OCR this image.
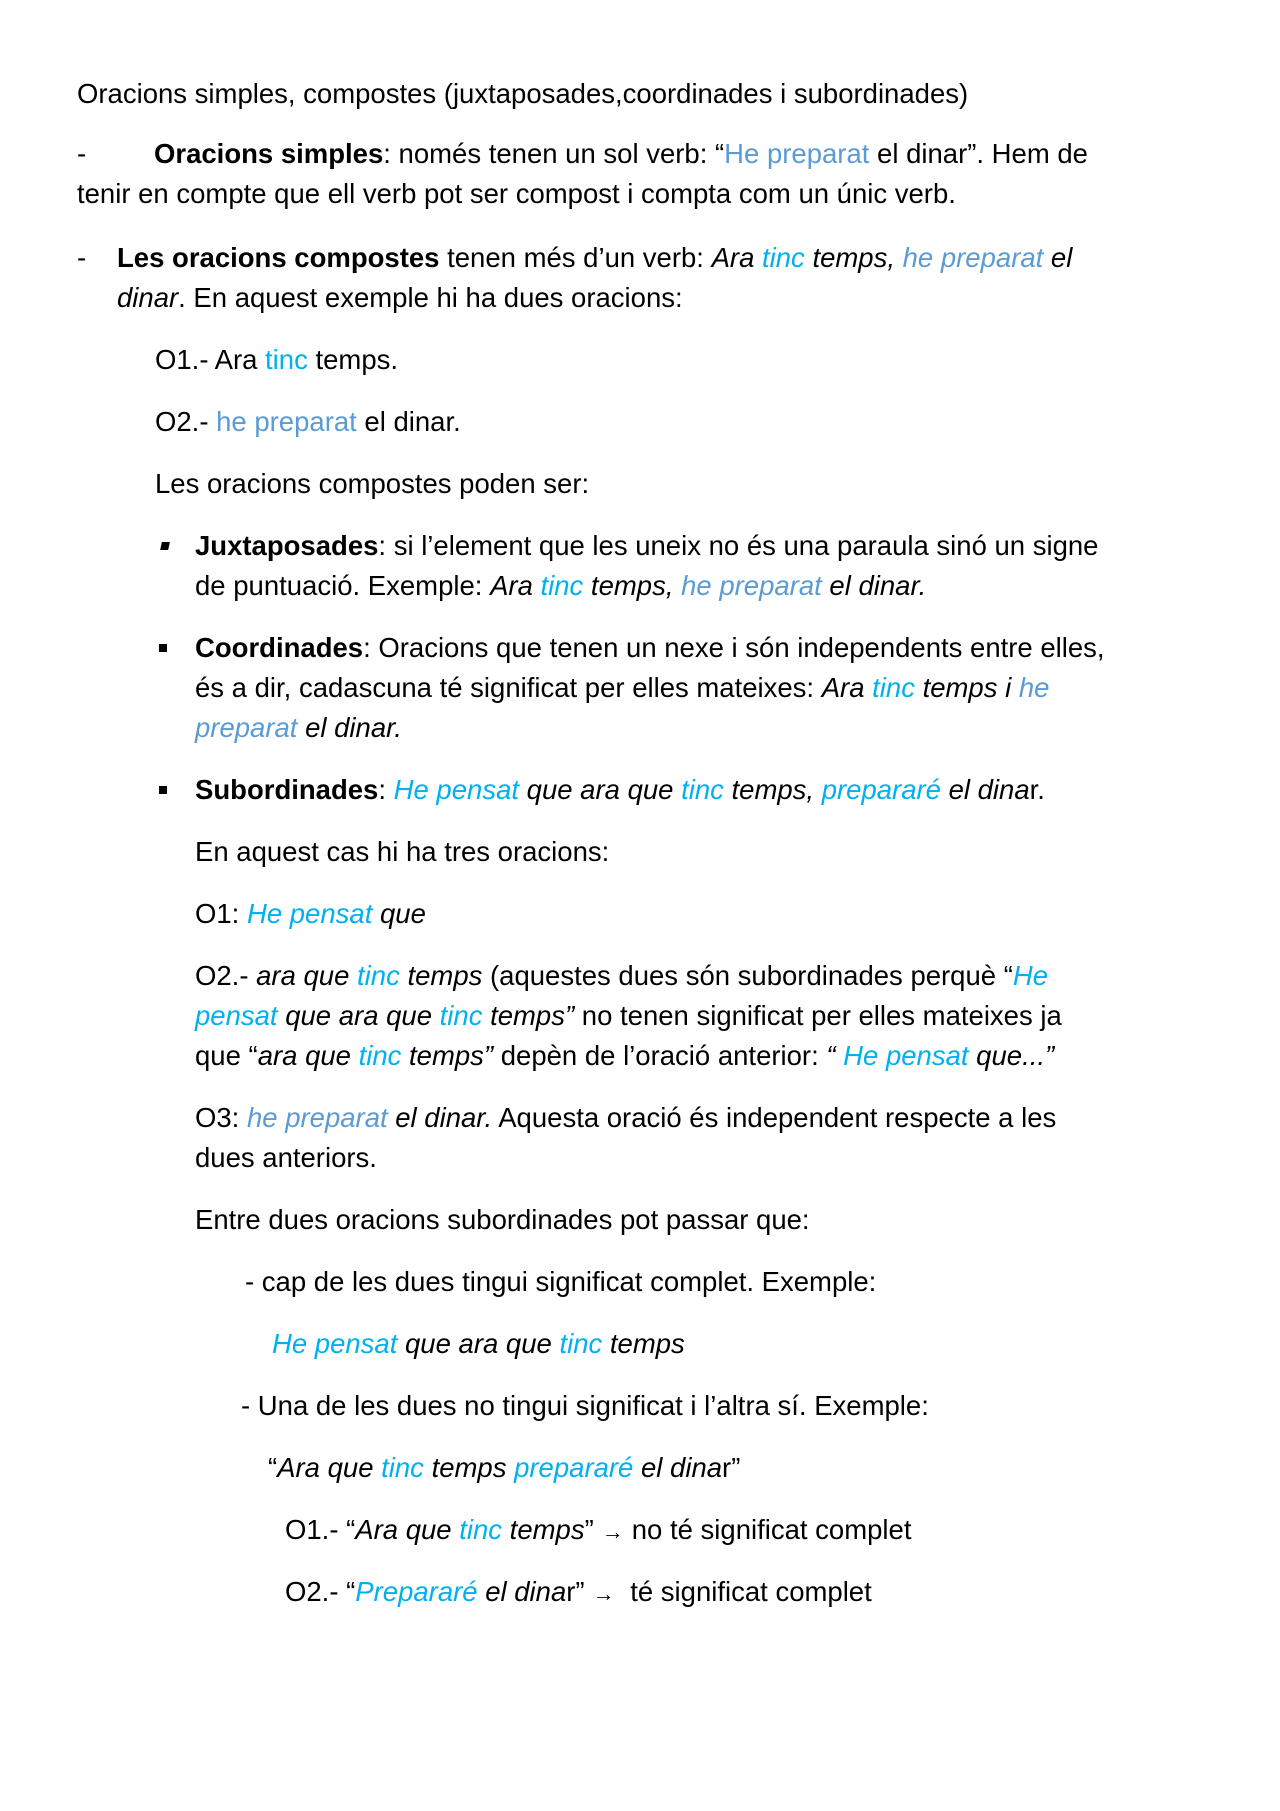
Oracions simples, compostes (juxtaposades,coordinades i subordinades)

- Oracions simples: només tenen un sol verb: “He preparat el dinar”. Hem de

tenir en compte que ell verb pot ser compost i compta com un únic verb.

- Les oracions compostes tenen més d’un verb: Ara tinc temps, he preparat el

dinar. En aquest exemple hi ha dues oracions:

O1.- Ara tinc temps.

O2.- he preparat el dinar.

Les oracions compostes poden ser:

Juxtaposades: si l’element que les uneix no és una paraula sinó un signe

de puntuació. Exemple: Ara tinc temps, he preparat el dinar.

Coordinades: Oracions que tenen un nexe i són independents entre elles,

és a dir, cadascuna té significat per elles mateixes: Ara tinc temps i he

preparat el dinar.

Subordinades: He pensat que ara que tinc temps, prepararé el dinar.

En aquest cas hi ha tres oracions:

O1: He pensat que

O2.- ara que tinc temps (aquestes dues són subordinades perquè “He

pensat que ara que tinc temps” no tenen significat per elles mateixes ja

que “ara que tinc temps” depèn de l’oració anterior: “ He pensat que...”

O3: he preparat el dinar. Aquesta oració és independent respecte a les

dues anteriors.

Entre dues oracions subordinades pot passar que:

- cap de les dues tingui significat complet. Exemple:

He pensat que ara que tinc temps

- Una de les dues no tingui significat i l’altra sí. Exemple:

“Ara que tinc temps prepararé el dinar”

O1.- “Ara que tinc temps” → no té significat complet

O2.- “Prepararé el dinar” → té significat complet
